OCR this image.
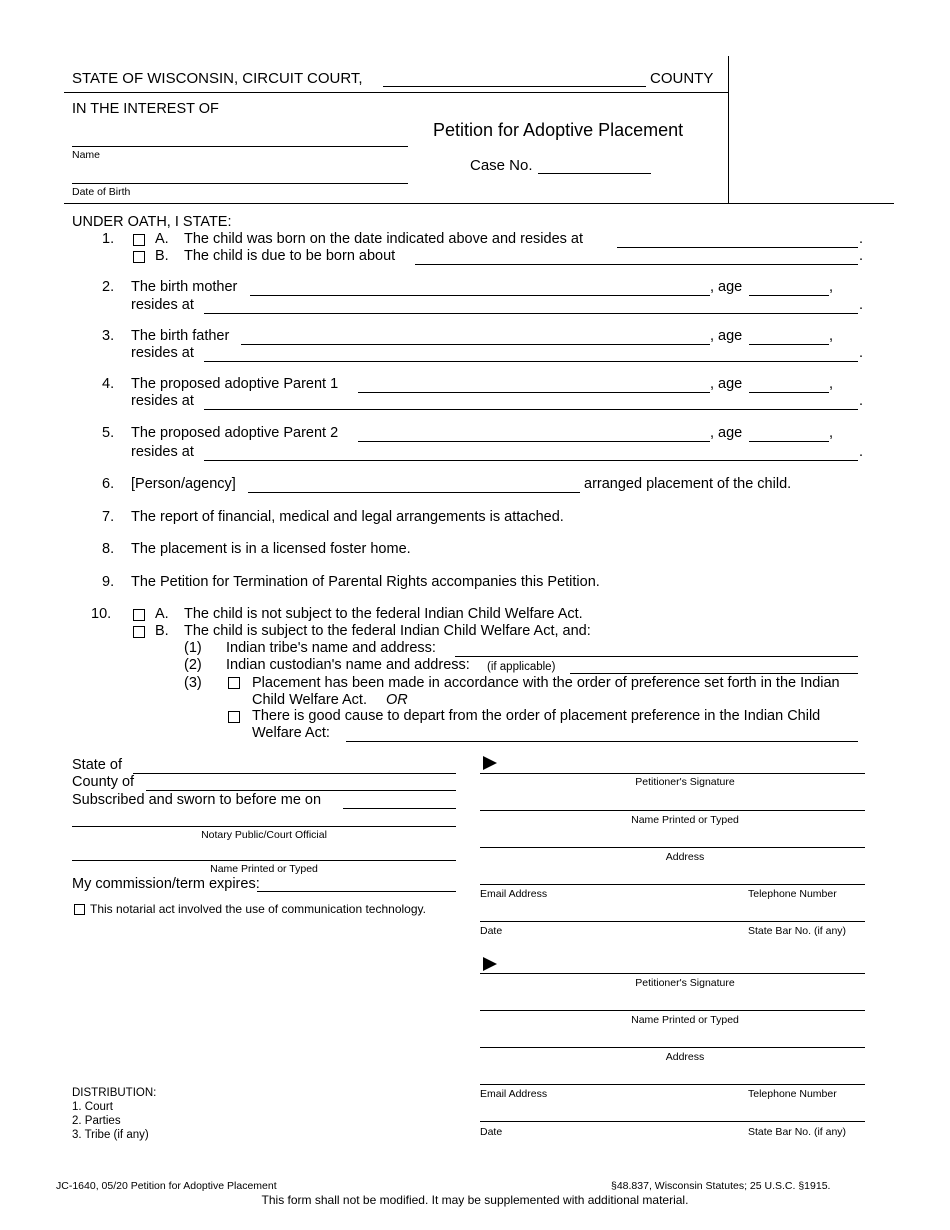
STATE OF WISCONSIN, CIRCUIT COURT,	COUNTY
IN THE INTEREST OF
Name
Date of Birth
Petition for Adoptive Placement
Case No.
UNDER OATH, I STATE:
1.	A. The child was born on the date indicated above and resides at	.
B. The child is due to be born about	.
2. The birth mother	, age	,
resides at	.
3. The birth father	, age	,
resides at	.
4. The proposed adoptive Parent 1	, age	,
resides at	.
5. The proposed adoptive Parent 2	, age	,
resides at	.
6. [Person/agency]	arranged placement of the child.
7. The report of financial, medical and legal arrangements is attached.
8. The placement is in a licensed foster home.
9. The Petition for Termination of Parental Rights accompanies this Petition.
10.	A. The child is not subject to the federal Indian Child Welfare Act.
B. The child is subject to the federal Indian Child Welfare Act, and:
(1) Indian tribe's name and address:
(2) Indian custodian's name and address: (if applicable)
(3)	Placement has been made in accordance with the order of preference set forth in the Indian
Child Welfare Act. OR
There is good cause to depart from the order of placement preference in the Indian Child
Welfare Act:
State of
County of
Subscribed and sworn to before me on
Notary Public/Court Official
Name Printed or Typed
My commission/term expires:
This notarial act involved the use of communication technology.
Petitioner's Signature
Name Printed or Typed
Address
Email Address	Telephone Number
Date	State Bar No. (if any)
Petitioner's Signature
Name Printed or Typed
Address
Email Address	Telephone Number
Date	State Bar No. (if any)
DISTRIBUTION:
1. Court
2. Parties
3. Tribe (if any)
JC-1640, 05/20 Petition for Adoptive Placement	§48.837, Wisconsin Statutes; 25 U.S.C. §1915.
This form shall not be modified. It may be supplemented with additional material.
